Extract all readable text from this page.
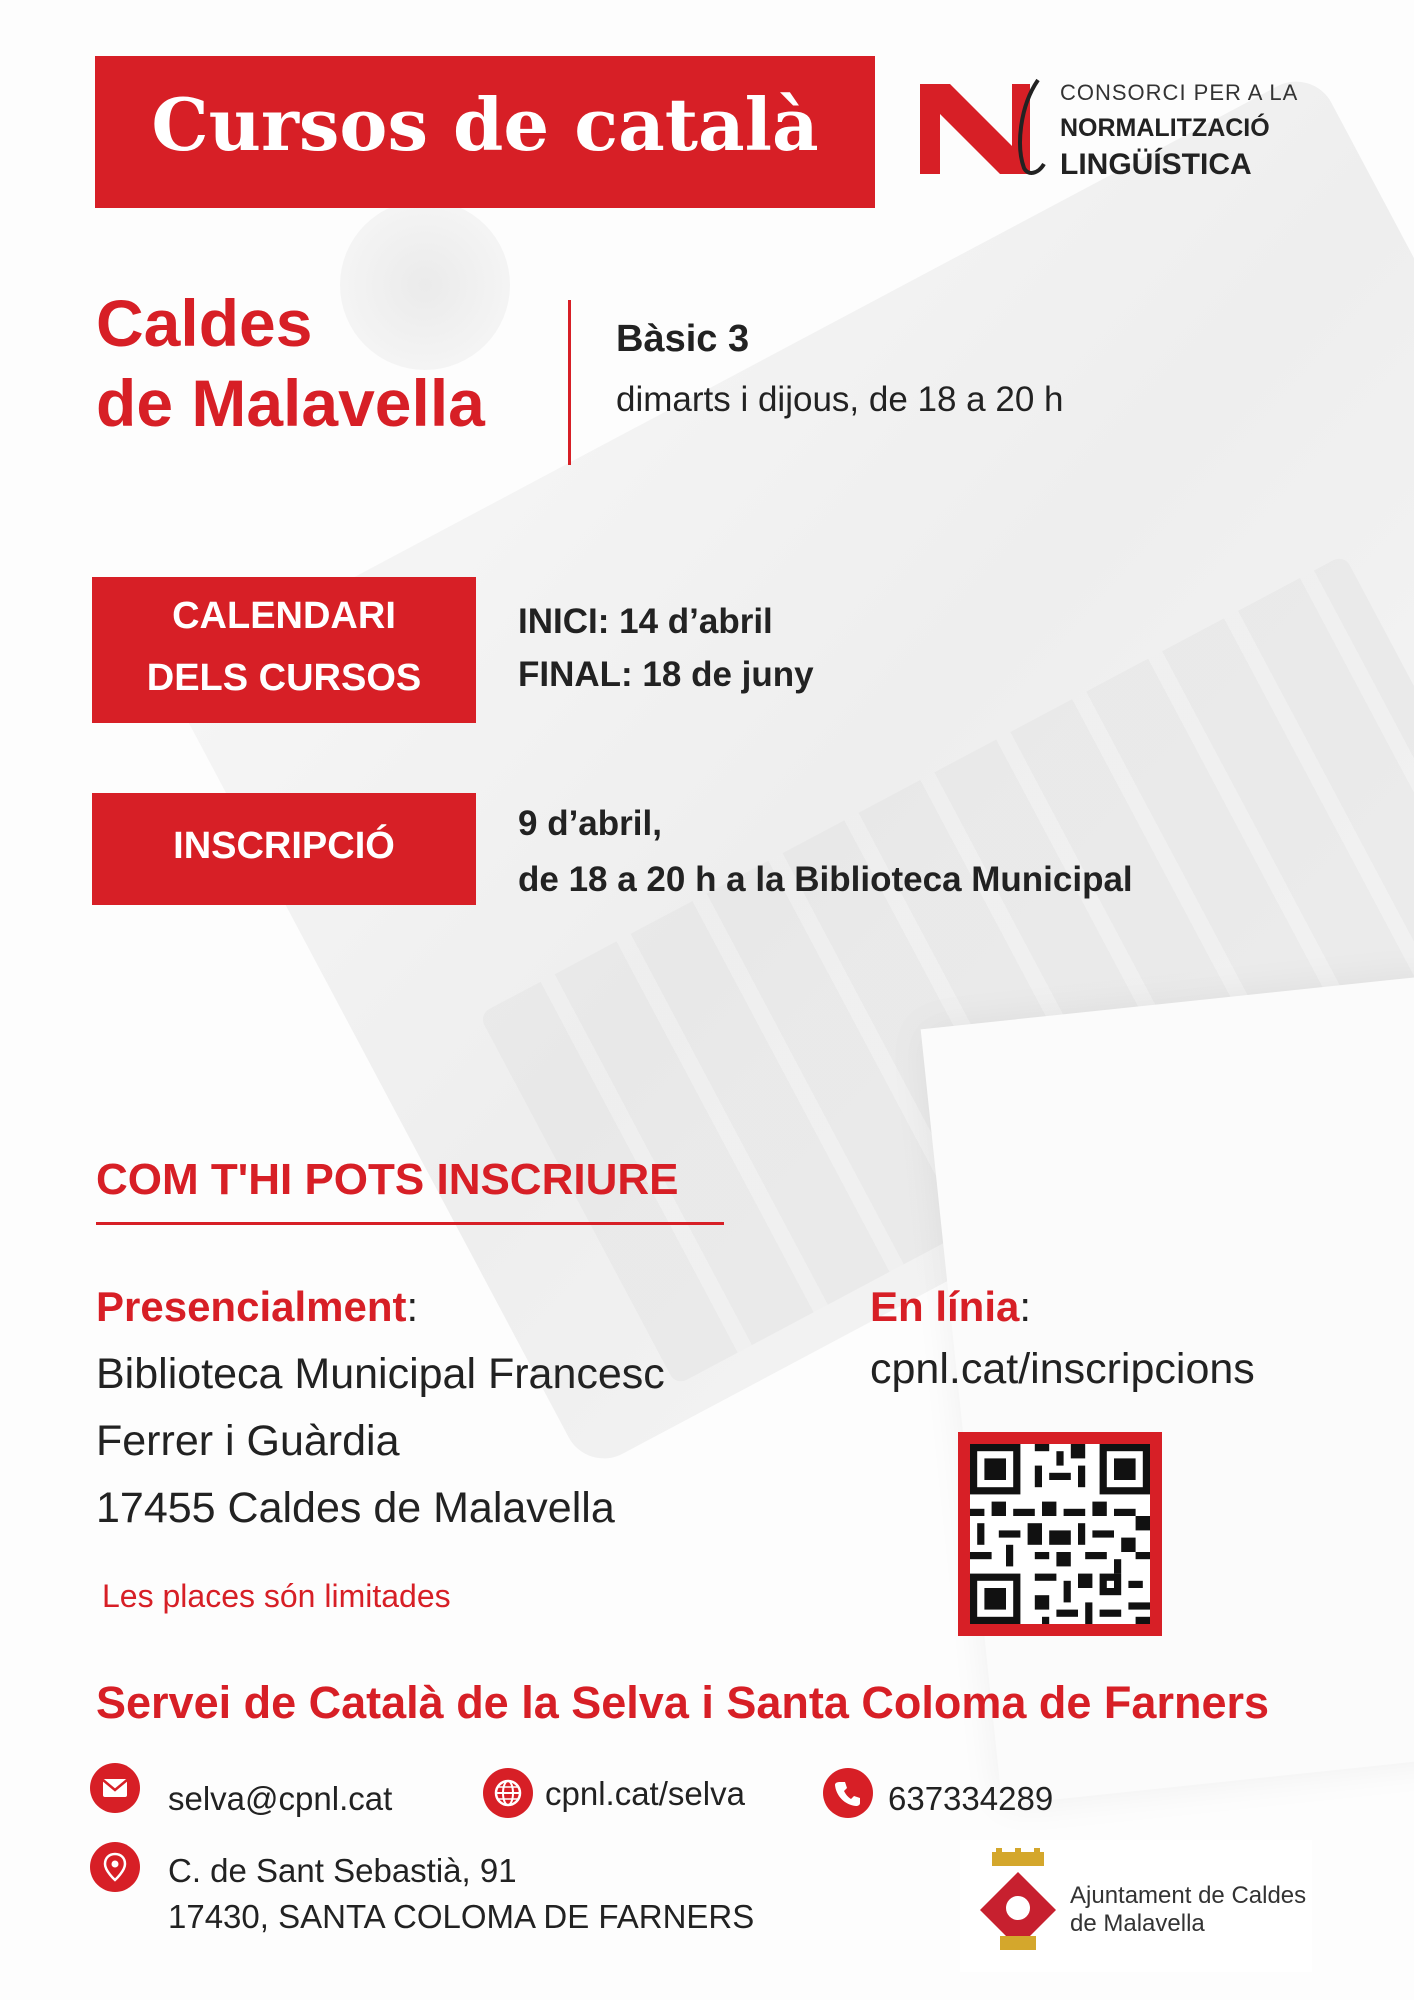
Cursos de català	CONSORCI PER A LA
NORMALITZACIÓ
LINGÜÍSTICA
Caldes
de Malavella
Bàsic 3
dimarts i dijous, de 18 a 20 h
CALENDARI
DELS CURSOS
INICI: 14 d’abril
FINAL: 18 de juny
INSCRIPCIÓ
9 d’abril,
de 18 a 20 h a la Biblioteca Municipal
COM T'HI POTS INSCRIURE
Presencialment:
Biblioteca Municipal Francesc
Ferrer i Guàrdia
17455 Caldes de Malavella
Les places són limitades
En línia:
cpnl.cat/inscripcions
Servei de Català de la Selva i Santa Coloma de Farners
selva@cpnl.cat	cpnl.cat/selva	637334289
C. de Sant Sebastià, 91
17430, SANTA COLOMA DE FARNERS
Ajuntament de Caldes
de Malavella
